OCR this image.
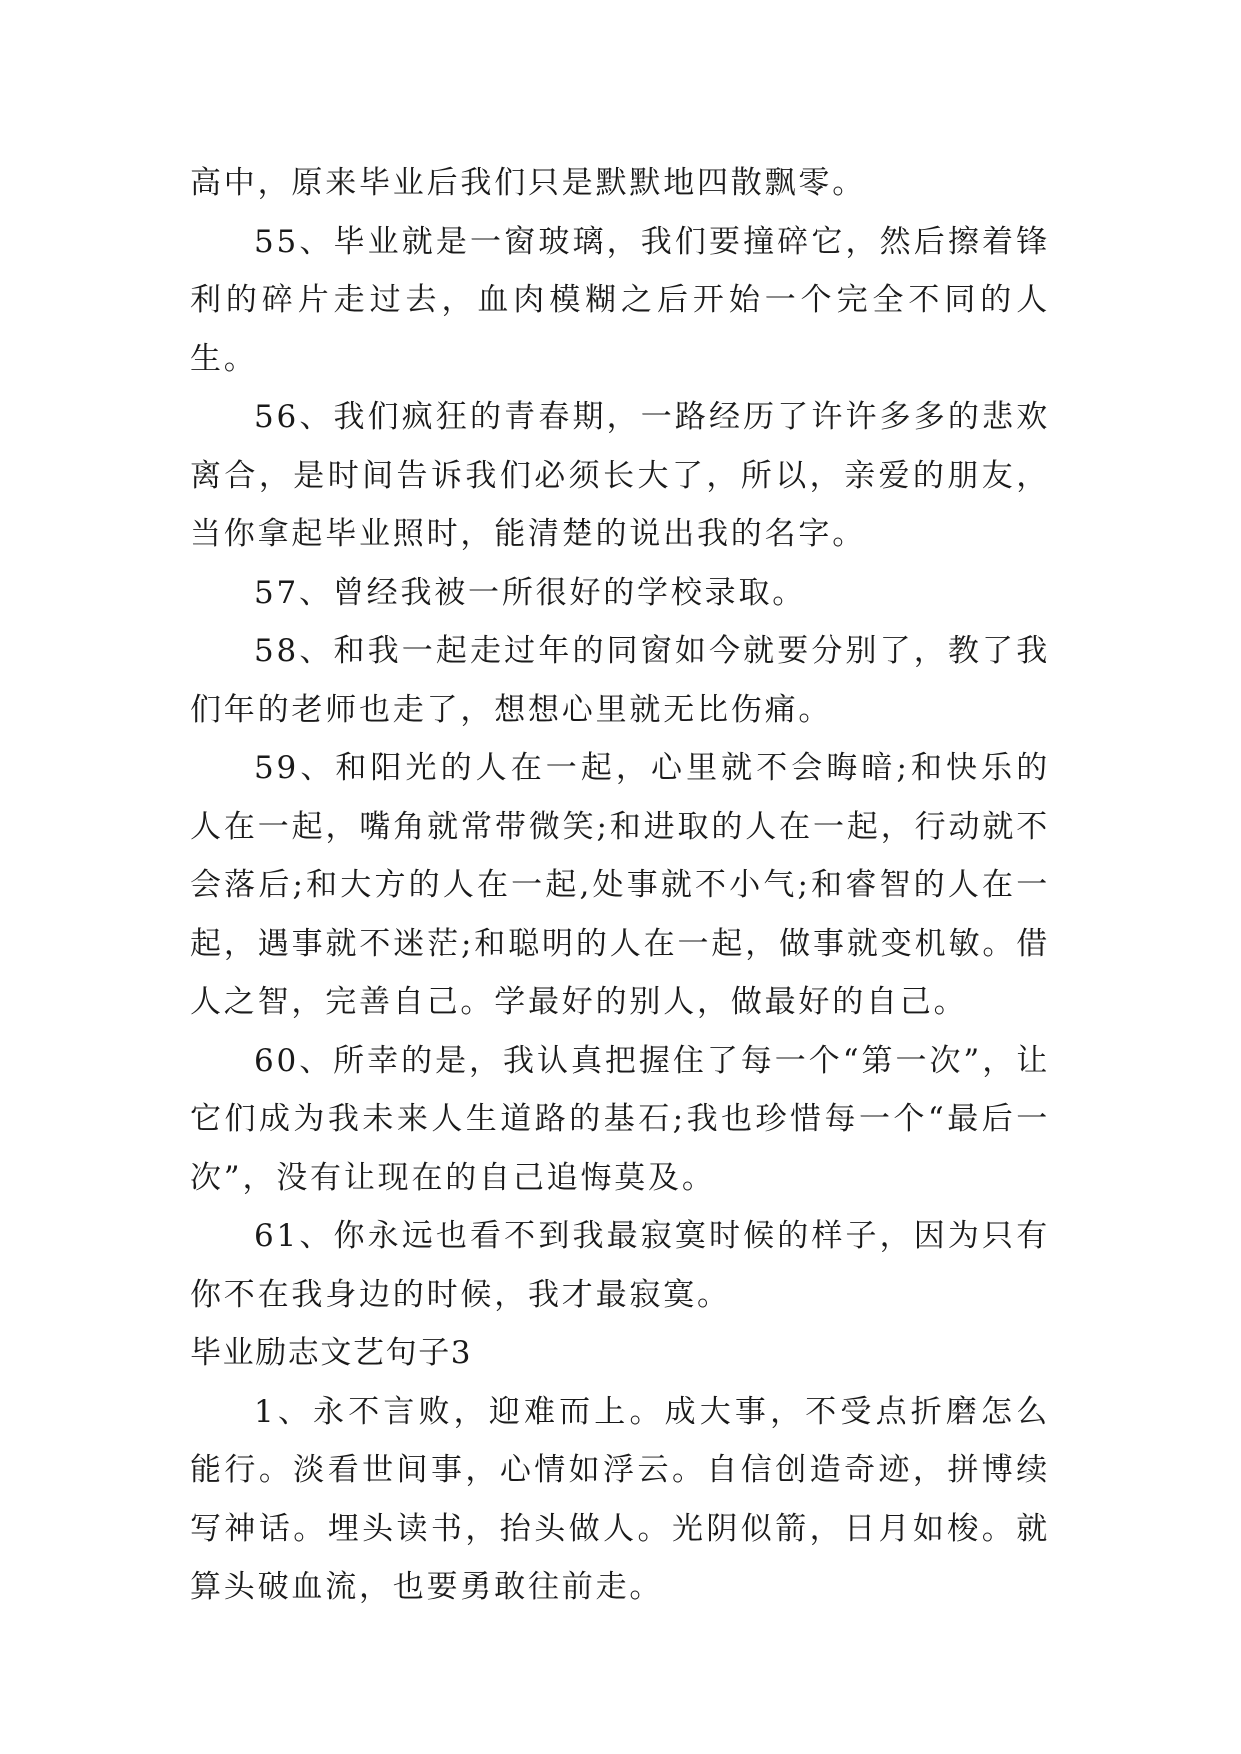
高中，原来毕业后我们只是默默地四散飘零。

55、毕业就是一窗玻璃，我们要撞碎它，然后擦着锋利的碎片走过去，血肉模糊之后开始一个完全不同的人生。

56、我们疯狂的青春期，一路经历了许许多多的悲欢离合，是时间告诉我们必须长大了，所以，亲爱的朋友，当你拿起毕业照时，能清楚的说出我的名字。

57、曾经我被一所很好的学校录取。

58、和我一起走过年的同窗如今就要分别了，教了我们年的老师也走了，想想心里就无比伤痛。

59、和阳光的人在一起，心里就不会晦暗;和快乐的人在一起，嘴角就常带微笑;和进取的人在一起，行动就不会落后;和大方的人在一起,处事就不小气;和睿智的人在一起，遇事就不迷茫;和聪明的人在一起，做事就变机敏。借人之智，完善自己。学最好的别人，做最好的自己。

60、所幸的是，我认真把握住了每一个“第一次”，让它们成为我未来人生道路的基石;我也珍惜每一个“最后一次”，没有让现在的自己追悔莫及。

61、你永远也看不到我最寂寞时候的样子，因为只有你不在我身边的时候，我才最寂寞。

毕业励志文艺句子3

1、永不言败，迎难而上。成大事，不受点折磨怎么能行。淡看世间事，心情如浮云。自信创造奇迹，拼博续写神话。埋头读书，抬头做人。光阴似箭，日月如梭。就算头破血流，也要勇敢往前走。
